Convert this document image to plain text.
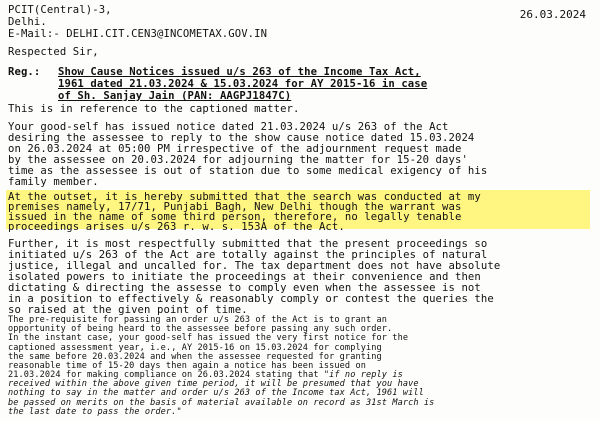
PCIT(Central)-3,	26.03.2024
Delhi.
E-Mail:- DELHI.CIT.CEN3@INCOMETAX.GOV.IN
Respected Sir,
Reg.: Show Cause Notices issued u/s 263 of the Income Tax Act,
1961 dated 21.03.2024 & 15.03.2024 for AY 2015-16 in case
of Sh. Sanjay Jain (PAN: AAGPJ1847C)
This is in reference to the captioned matter.
Your good-self has issued notice dated 21.03.2024 u/s 263 of the Act
desiring the assessee to reply to the show cause notice dated 15.03.2024
on 26.03.2024 at 05:00 PM irrespective of the adjournment request made
by the assessee on 20.03.2024 for adjourning the matter for 15-20 days'
time as the assessee is out of station due to some medical exigency of his
family member.
At the outset, it is hereby submitted that the search was conducted at my
premises namely, 17/71, Punjabi Bagh, New Delhi though the warrant was
issued in the name of some third person, therefore, no legally tenable
proceedings arises u/s 263 r. w. s. 153A of the Act.
Further, it is most respectfully submitted that the present proceedings so
initiated u/s 263 of the Act are totally against the principles of natural
justice, illegal and uncalled for. The tax department does not have absolute
isolated powers to initiate the proceedings at their convenience and then
dictating & directing the assesse to comply even when the assessee is not
in a position to effectively & reasonably comply or contest the queries the
so raised at the given point of time.
The pre-requisite for passing an order u/s 263 of the Act is to grant an
opportunity of being heard to the assessee before passing any such order.
In the instant case, your good-self has issued the very first notice for the
captioned assessment year, i.e., AY 2015-16 on 15.03.2024 for complying
the same before 20.03.2024 and when the assessee requested for granting
reasonable time of 15-20 days then again a notice has been issued on
21.03.2024 for making compliance on 26.03.2024 stating that "if no reply is
received within the above given time period, it will be presumed that you have
nothing to say in the matter and order u/s 263 of the Income tax Act, 1961 will
be passed on merits on the basis of material available on record as 31st March is
the last date to pass the order."
